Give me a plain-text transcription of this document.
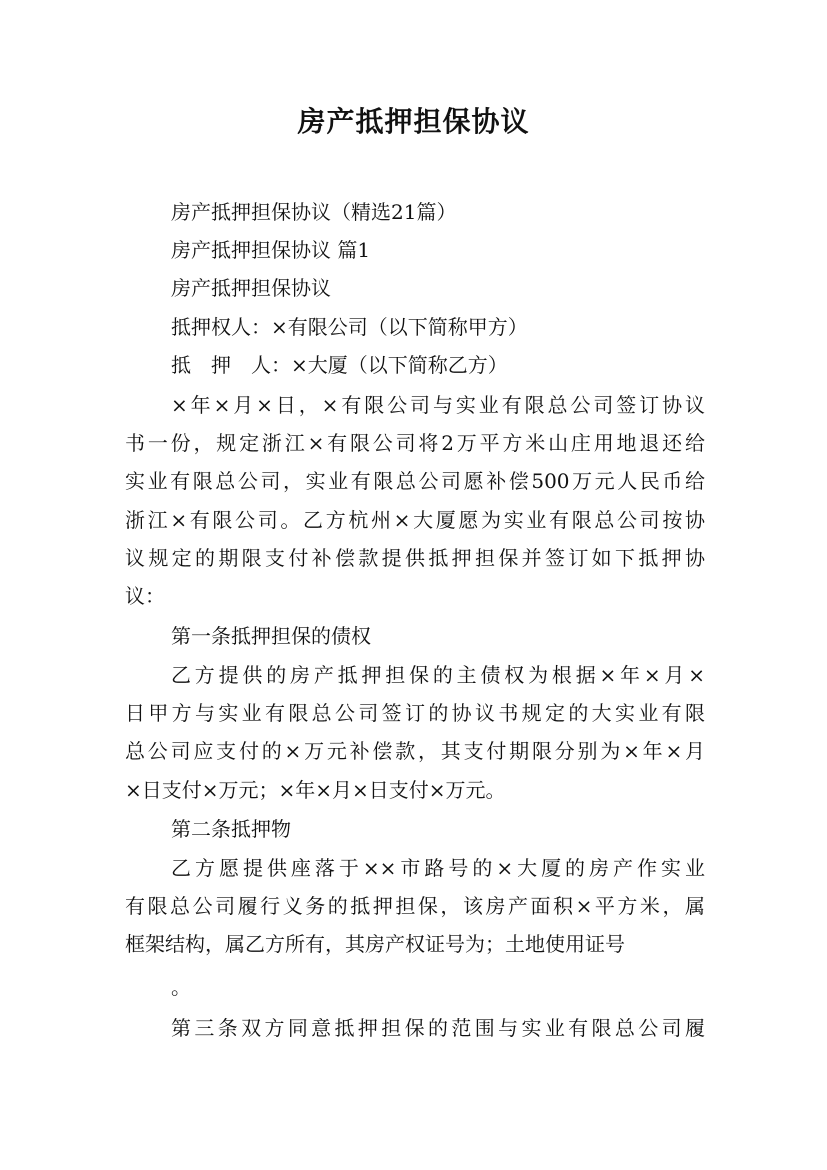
房产抵押担保协议
房产抵押担保协议（精选21篇）
房产抵押担保协议 篇1
房产抵押担保协议
抵押权人：×有限公司（以下简称甲方）
抵　押　人：×大厦（以下简称乙方）
×年×月×日，×有限公司与实业有限总公司签订协议
书一份，规定浙江×有限公司将2万平方米山庄用地退还给
实业有限总公司，实业有限总公司愿补偿500万元人民币给
浙江×有限公司。乙方杭州×大厦愿为实业有限总公司按协
议规定的期限支付补偿款提供抵押担保并签订如下抵押协
议：
第一条抵押担保的债权
乙方提供的房产抵押担保的主债权为根据×年×月×
日甲方与实业有限总公司签订的协议书规定的大实业有限
总公司应支付的×万元补偿款，其支付期限分别为×年×月
×日支付×万元；×年×月×日支付×万元。
第二条抵押物
乙方愿提供座落于××市路号的×大厦的房产作实业
有限总公司履行义务的抵押担保，该房产面积×平方米，属
框架结构，属乙方所有，其房产权证号为；土地使用证号
。
第三条双方同意抵押担保的范围与实业有限总公司履
